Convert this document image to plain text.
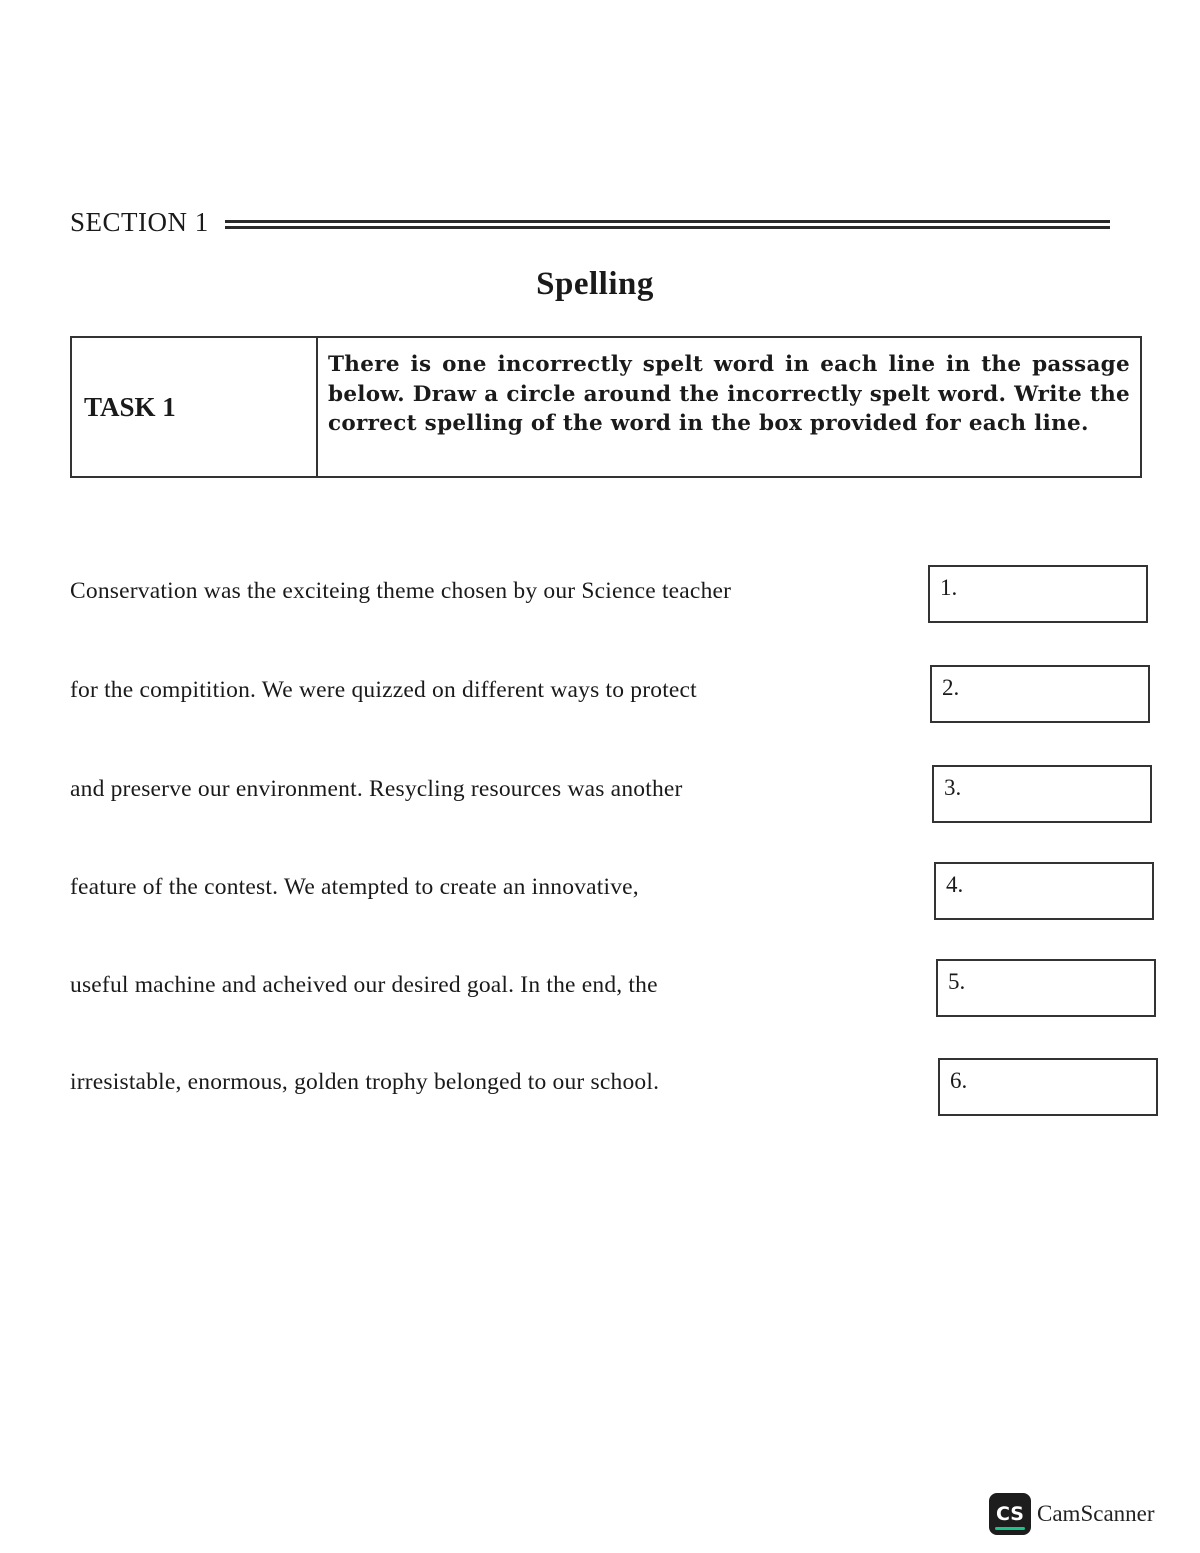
SECTION 1
Spelling
TASK 1
There is one incorrectly spelt word in each line in the passage below. Draw a circle around the incorrectly spelt word. Write the correct spelling of the word in the box provided for each line.
Conservation was the exciteing theme chosen by our Science teacher
for the compitition. We were quizzed on different ways to protect
and preserve our environment. Resycling resources was another
feature of the contest. We atempted to create an innovative,
useful machine and acheived our desired goal. In the end, the
irresistable, enormous, golden trophy belonged to our school.
1.
2.
3.
4.
5.
6.
CS CamScanner
